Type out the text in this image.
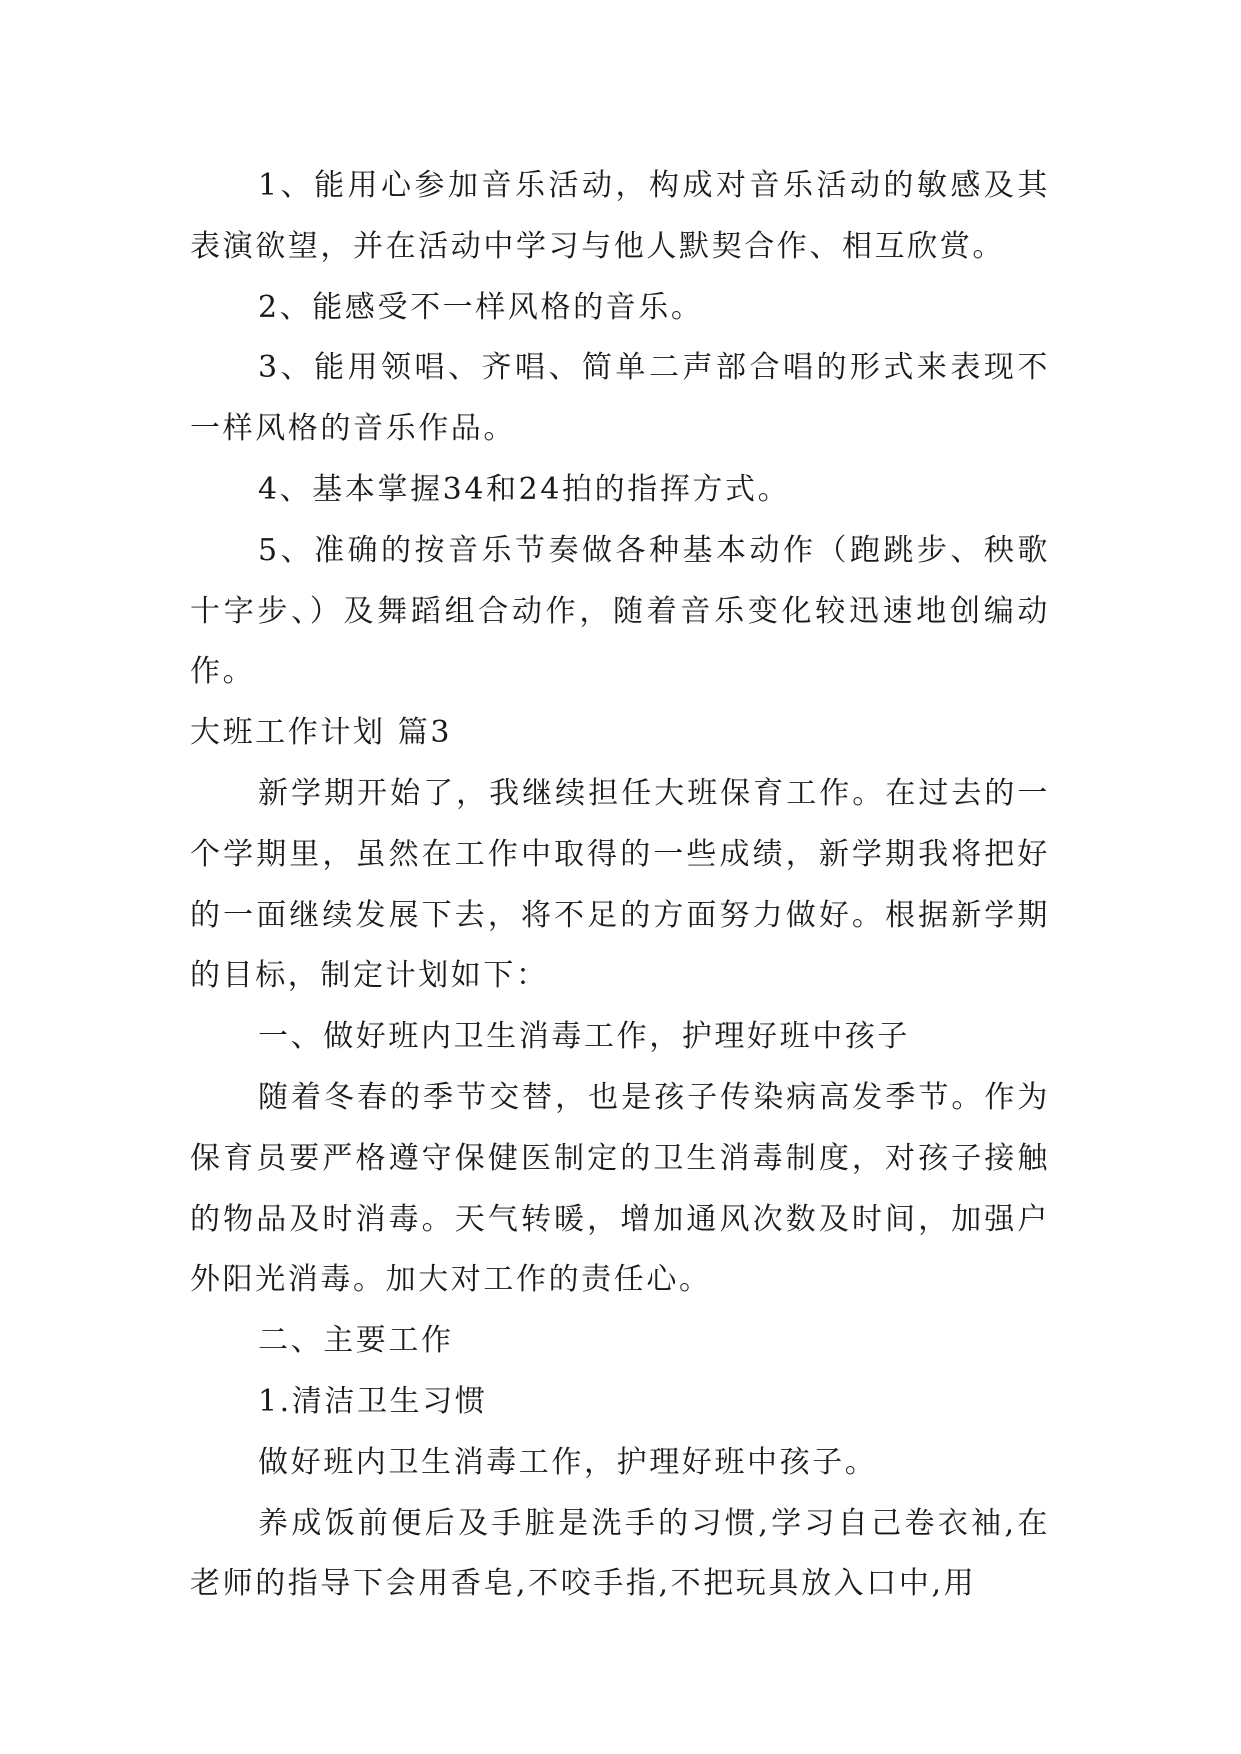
1、能用心参加音乐活动，构成对音乐活动的敏感及其表演欲望，并在活动中学习与他人默契合作、相互欣赏。

2、能感受不一样风格的音乐。

3、能用领唱、齐唱、简单二声部合唱的形式来表现不一样风格的音乐作品。

4、基本掌握34和24拍的指挥方式。

5、准确的按音乐节奏做各种基本动作（跑跳步、秧歌十字步、）及舞蹈组合动作，随着音乐变化较迅速地创编动作。

大班工作计划 篇3

新学期开始了，我继续担任大班保育工作。在过去的一个学期里，虽然在工作中取得的一些成绩，新学期我将把好的一面继续发展下去，将不足的方面努力做好。根据新学期的目标，制定计划如下：

一、做好班内卫生消毒工作，护理好班中孩子

随着冬春的季节交替，也是孩子传染病高发季节。作为保育员要严格遵守保健医制定的卫生消毒制度，对孩子接触的物品及时消毒。天气转暖，增加通风次数及时间，加强户外阳光消毒。加大对工作的责任心。

二、主要工作

1.清洁卫生习惯

做好班内卫生消毒工作，护理好班中孩子。

养成饭前便后及手脏是洗手的习惯,学习自己卷衣袖,在老师的指导下会用香皂,不咬手指,不把玩具放入口中,用
